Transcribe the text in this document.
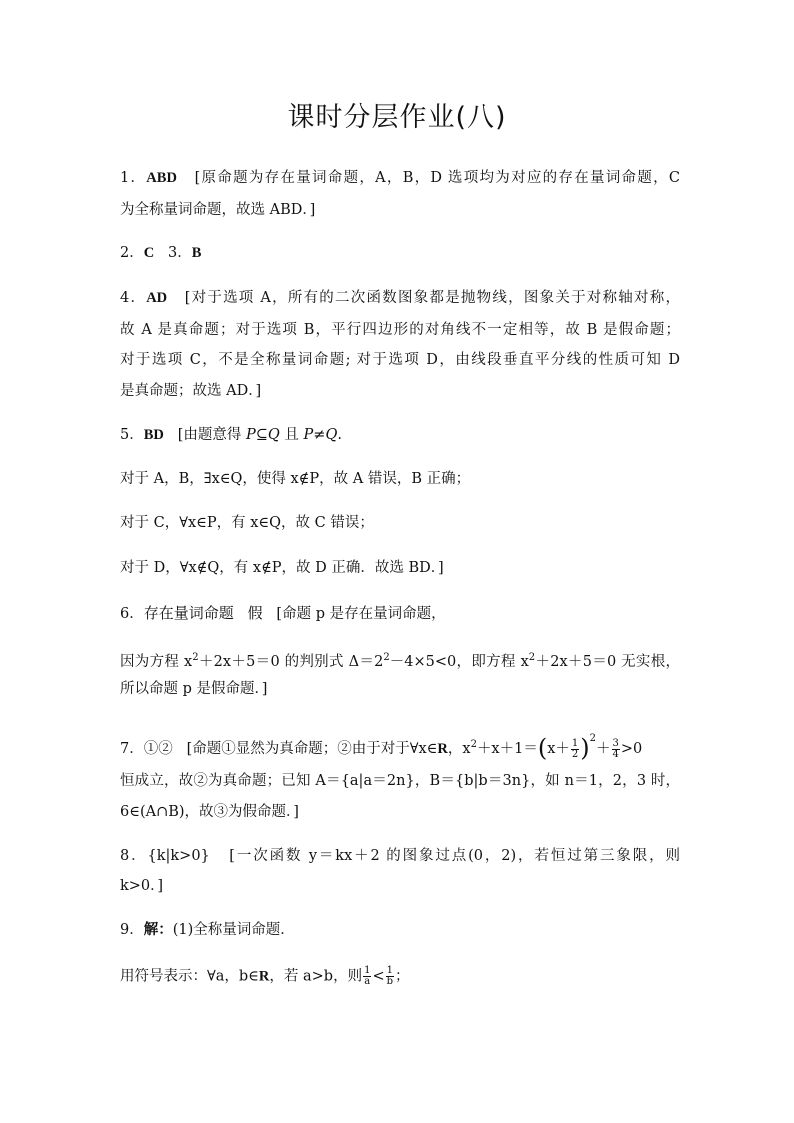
课时分层作业(八)
1．ABD [原命题为存在量词命题，A，B，D 选项均为对应的存在量词命题，C
为全称量词命题，故选 ABD．]
2．C 3．B
4．AD [对于选项 A，所有的二次函数图象都是抛物线，图象关于对称轴对称，
故 A 是真命题；对于选项 B，平行四边形的对角线不一定相等，故 B 是假命题；
对于选项 C，不是全称量词命题; 对于选项 D，由线段垂直平分线的性质可知 D
是真命题；故选 AD．]
5．BD [由题意得 P⊆Q 且 P≠Q.
对于 A，B，∃x∈Q，使得 x∉P，故 A 错误，B 正确；
对于 C，∀x∈P，有 x∈Q，故 C 错误；
对于 D，∀x∉Q，有 x∉P，故 D 正确．故选 BD．]
6．存在量词命题 假 [命题 p 是存在量词命题，
因为方程 $x^2+2x+5=0$ 的判别式 $\Delta=2^2-4\times 5<0$，即方程 $x^2+2x+5=0$ 无实根，
所以命题 p 是假命题．]
7．①② [命题①显然为真命题；②由于对于∀x∈R，$x^2+x+1=(x+ \frac{1}{2} )^2+ \frac{3}{4} >0$
恒成立，故②为真命题；已知 A＝{a|a＝2n}，B＝{b|b＝3n}，如 n＝1，2，3 时，
6∈(A∩B)，故③为假命题．]
8．{k|k>0} [一次函数 y＝kx＋2 的图象过点(0，2)，若恒过第三象限，则
k>0．]
9．解：(1)全称量词命题．
用符号表示：∀a，b∈R，若 a>b，则 $\frac{1}{a} < \frac{1}{b}$ ；
